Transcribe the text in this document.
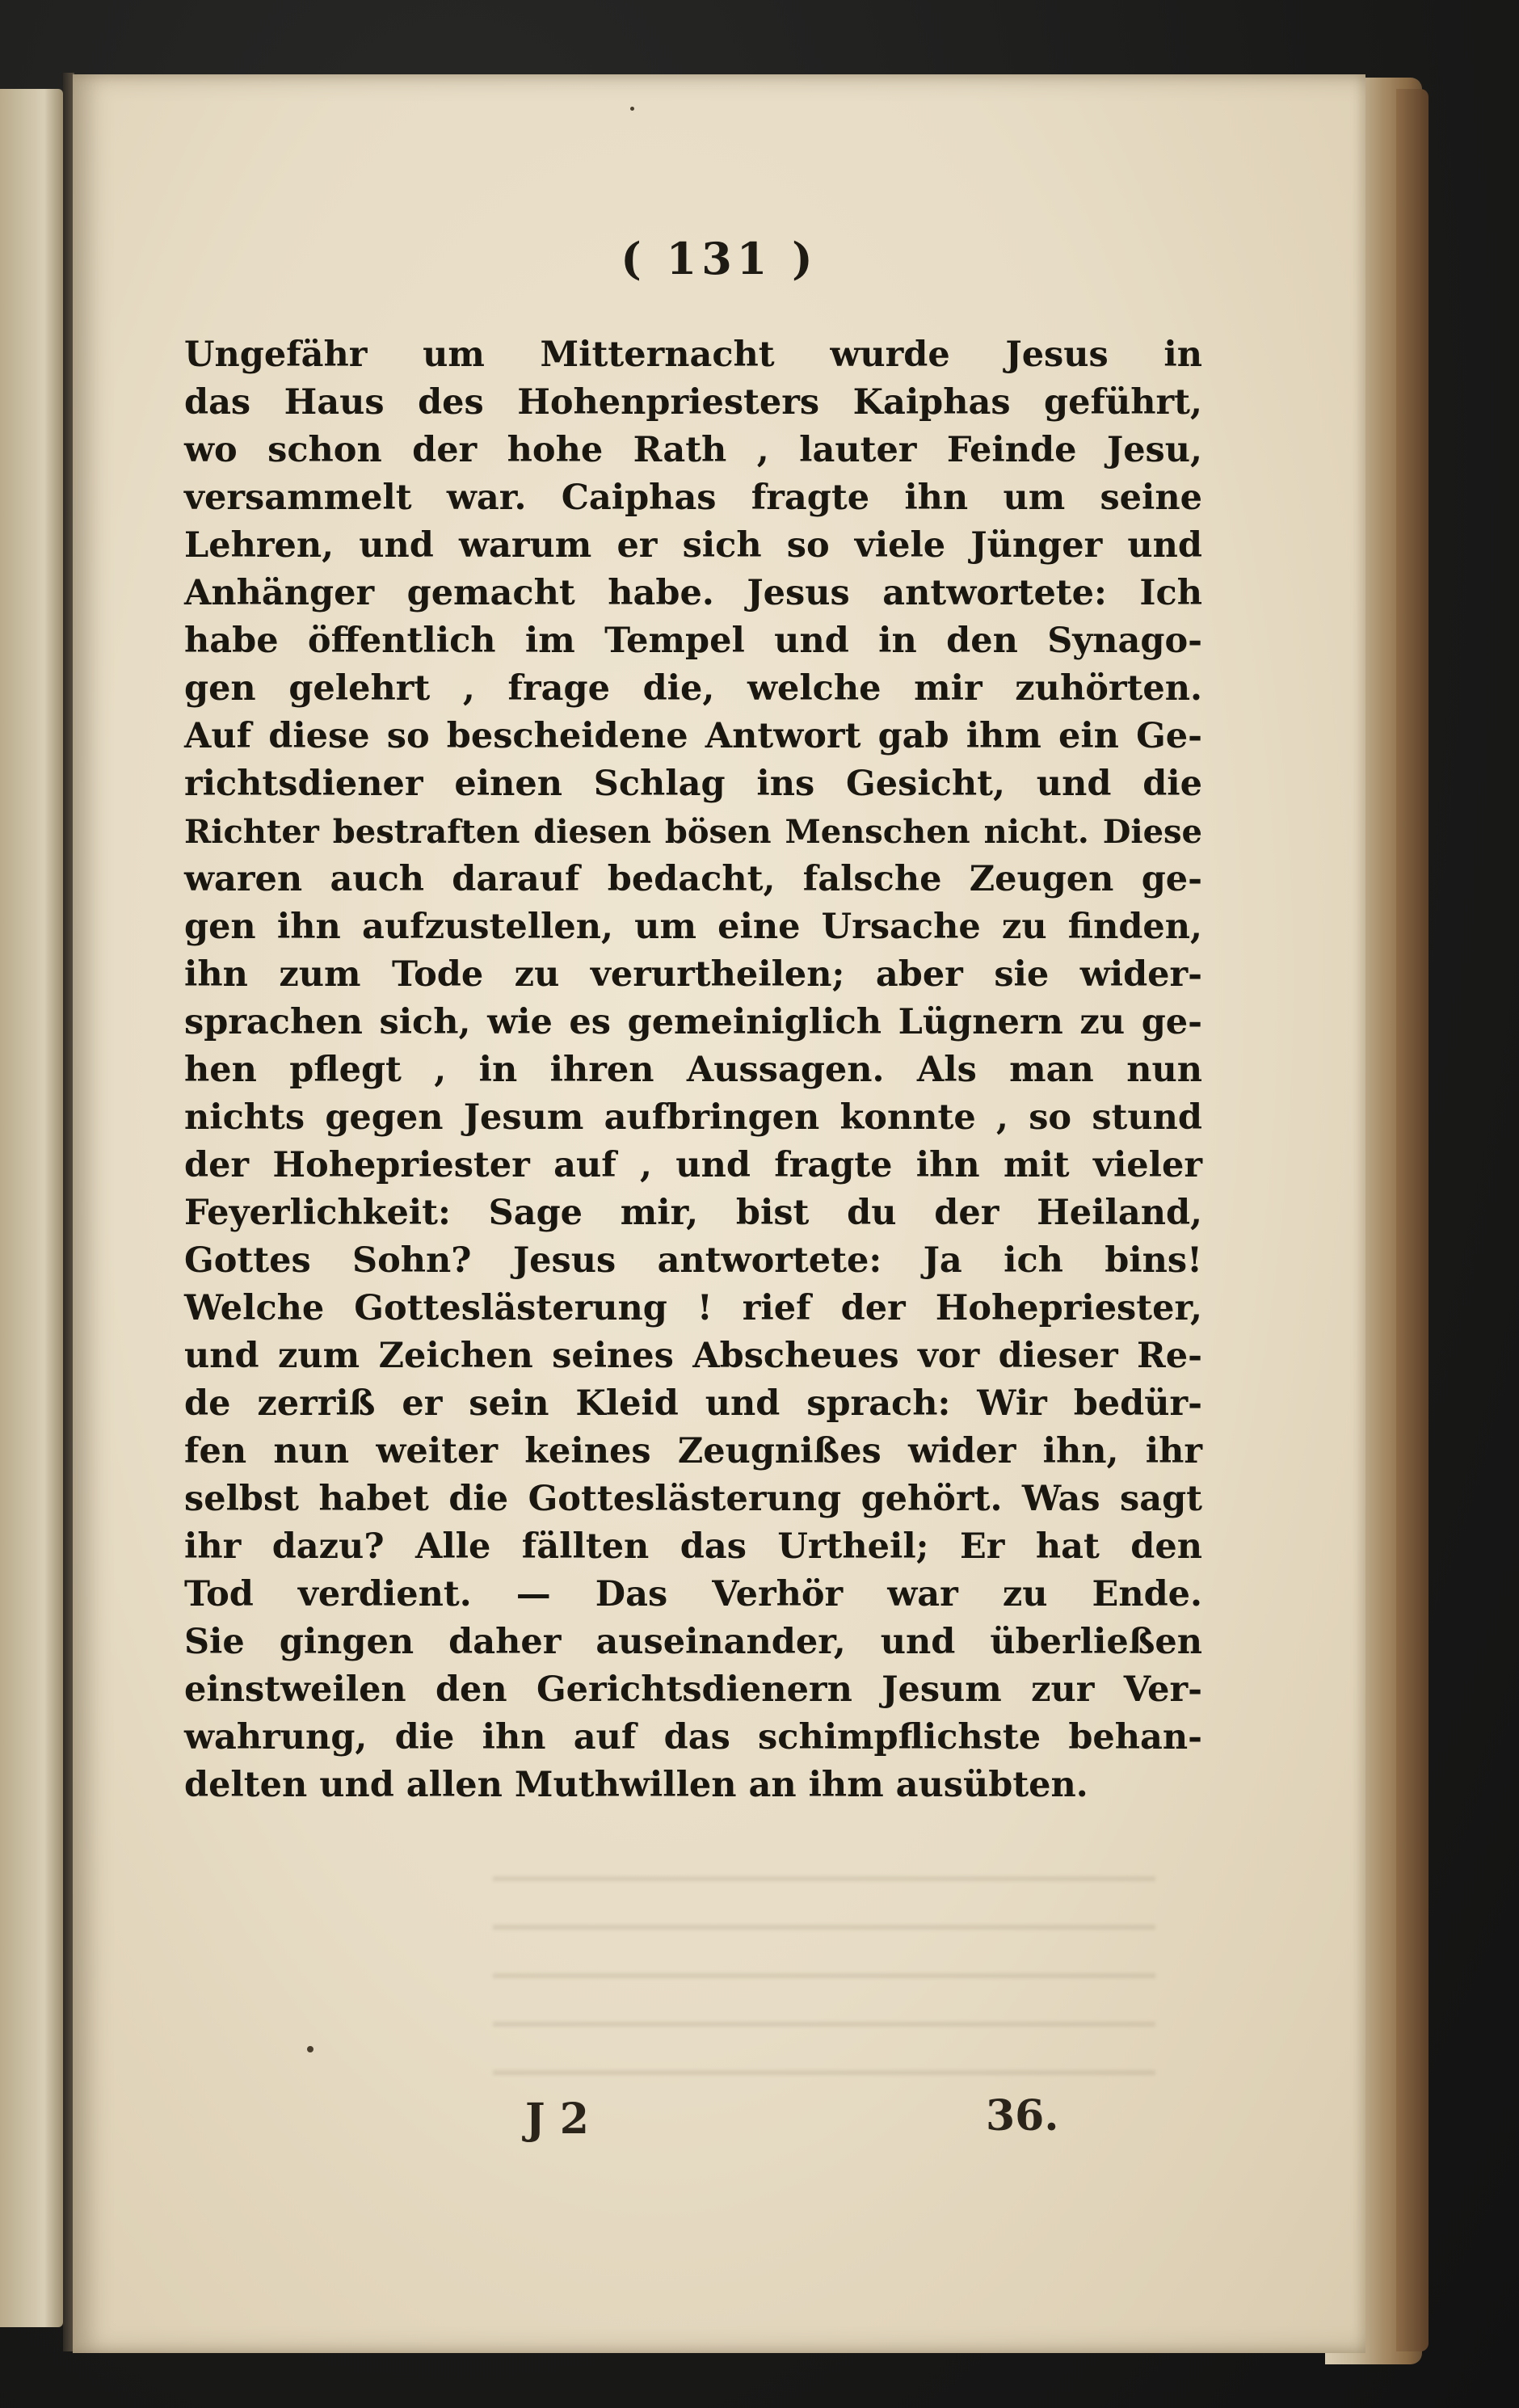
( 131 )
Ungefähr um Mitternacht wurde Jesus in
das Haus des Hohenpriesters Kaiphas geführt,
wo schon der hohe Rath , lauter Feinde Jesu,
versammelt war. Caiphas fragte ihn um seine
Lehren, und warum er sich so viele Jünger und
Anhänger gemacht habe. Jesus antwortete: Ich
habe öffentlich im Tempel und in den Synago-
gen gelehrt , frage die, welche mir zuhörten.
Auf diese so bescheidene Antwort gab ihm ein Ge-
richtsdiener einen Schlag ins Gesicht, und die
Richter bestraften diesen bösen Menschen nicht. Diese
waren auch darauf bedacht, falsche Zeugen ge-
gen ihn aufzustellen, um eine Ursache zu finden,
ihn zum Tode zu verurtheilen; aber sie wider-
sprachen sich, wie es gemeiniglich Lügnern zu ge-
hen pflegt , in ihren Aussagen. Als man nun
nichts gegen Jesum aufbringen konnte , so stund
der Hohepriester auf , und fragte ihn mit vieler
Feyerlichkeit: Sage mir, bist du der Heiland,
Gottes Sohn? Jesus antwortete: Ja ich bins!
Welche Gotteslästerung ! rief der Hohepriester,
und zum Zeichen seines Abscheues vor dieser Re-
de zerriß er sein Kleid und sprach: Wir bedür-
fen nun weiter keines Zeugnißes wider ihn, ihr
selbst habet die Gotteslästerung gehört. Was sagt
ihr dazu? Alle fällten das Urtheil; Er hat den
Tod verdient. — Das Verhör war zu Ende.
Sie gingen daher auseinander, und überließen
einstweilen den Gerichtsdienern Jesum zur Ver-
wahrung, die ihn auf das schimpflichste behan-
delten und allen Muthwillen an ihm ausübten.
J 2	36.
